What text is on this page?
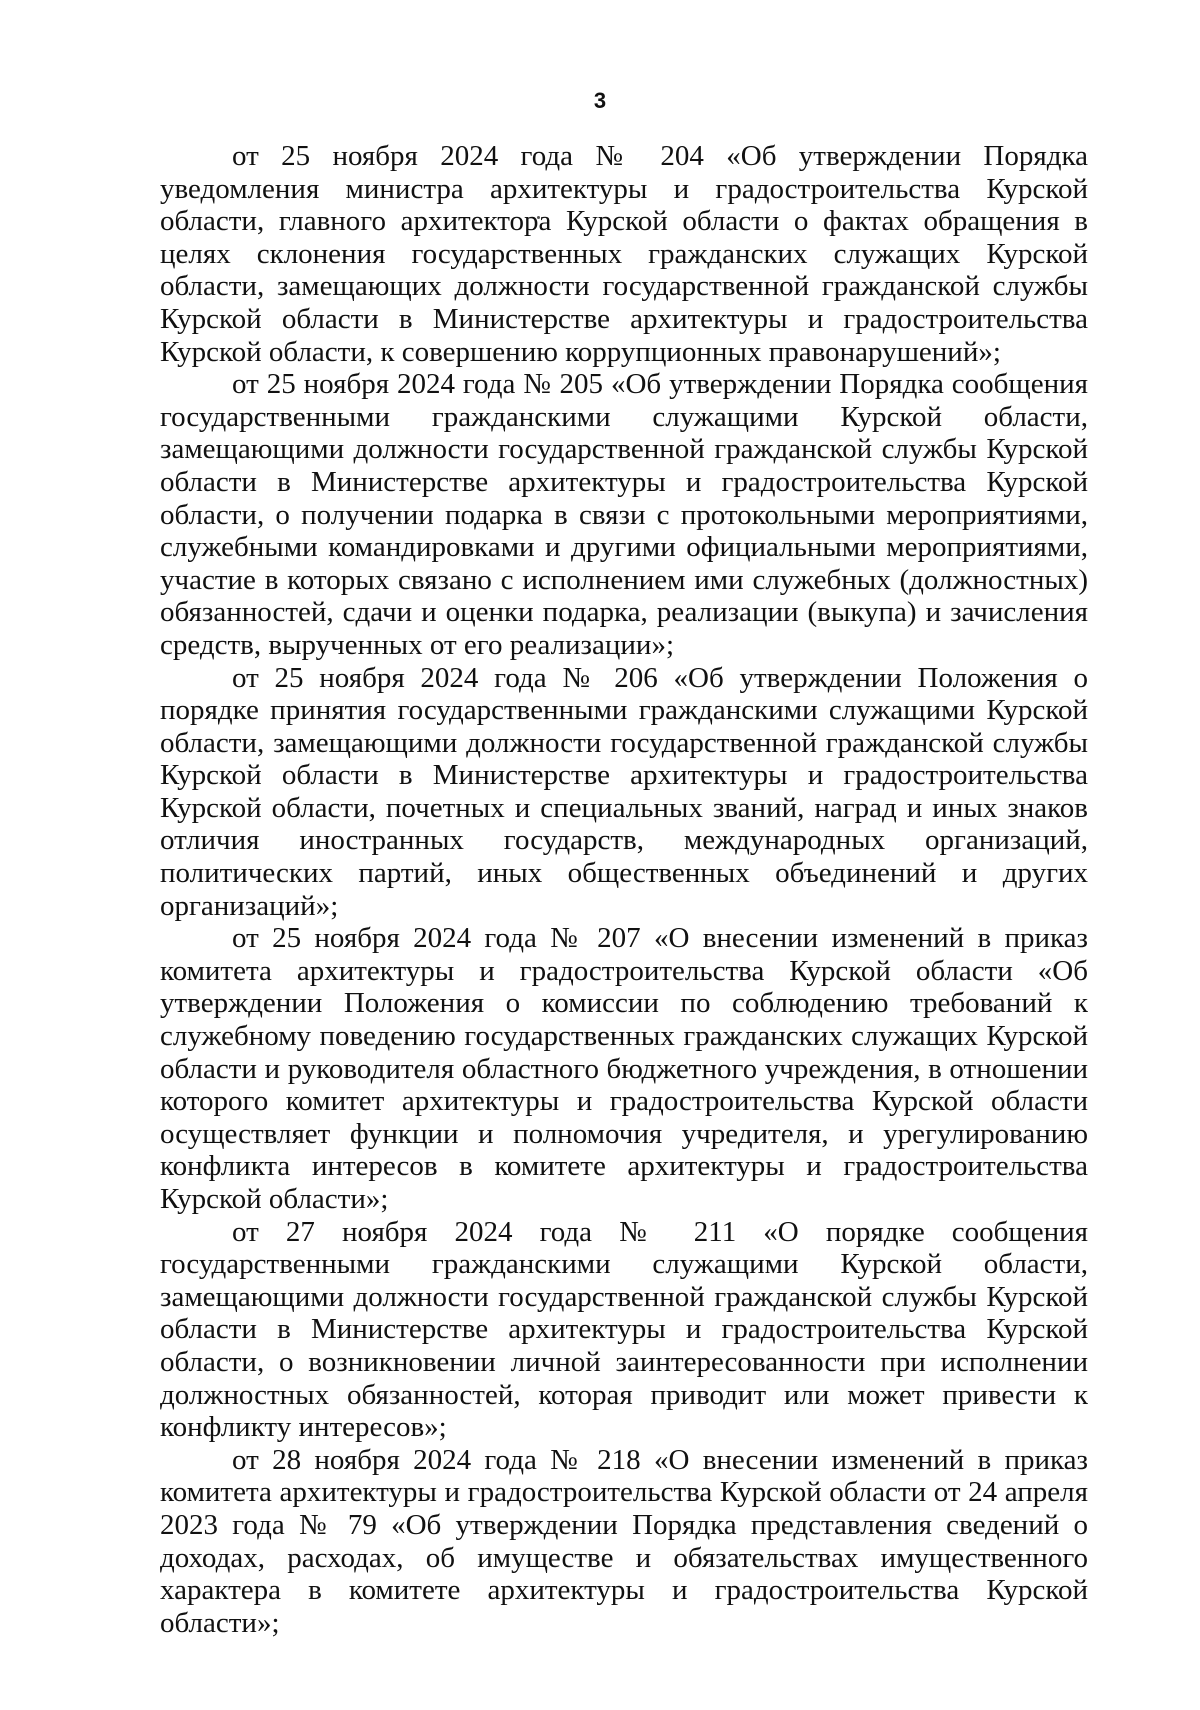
3

от 25 ноября 2024 года № 204 «Об утверждении Порядка уведомления министра архитектуры и градостроительства Курской области, главного архитектора Курской области о фактах обращения в целях склонения государственных гражданских служащих Курской области, замещающих должности государственной гражданской службы Курской области в Министерстве архитектуры и градостроительства Курской области, к совершению коррупционных правонарушений»;

от 25 ноября 2024 года № 205 «Об утверждении Порядка сообщения государственными гражданскими служащими Курской области, замещающими должности государственной гражданской службы Курской области в Министерстве архитектуры и градостроительства Курской области, о получении подарка в связи с протокольными мероприятиями, служебными командировками и другими официальными мероприятиями, участие в которых связано с исполнением ими служебных (должностных) обязанностей, сдачи и оценки подарка, реализации (выкупа) и зачисления средств, вырученных от его реализации»;

от 25 ноября 2024 года № 206 «Об утверждении Положения о порядке принятия государственными гражданскими служащими Курской области, замещающими должности государственной гражданской службы Курской области в Министерстве архитектуры и градостроительства Курской области, почетных и специальных званий, наград и иных знаков отличия иностранных государств, международных организаций, политических партий, иных общественных объединений и других организаций»;

от 25 ноября 2024 года № 207 «О внесении изменений в приказ комитета архитектуры и градостроительства Курской области «Об утверждении Положения о комиссии по соблюдению требований к служебному поведению государственных гражданских служащих Курской области и руководителя областного бюджетного учреждения, в отношении которого комитет архитектуры и градостроительства Курской области осуществляет функции и полномочия учредителя, и урегулированию конфликта интересов в комитете архитектуры и градостроительства Курской области»;

от 27 ноября 2024 года № 211 «О порядке сообщения государственными гражданскими служащими Курской области, замещающими должности государственной гражданской службы Курской области в Министерстве архитектуры и градостроительства Курской области, о возникновении личной заинтересованности при исполнении должностных обязанностей, которая приводит или может привести к конфликту интересов»;

от 28 ноября 2024 года № 218 «О внесении изменений в приказ комитета архитектуры и градостроительства Курской области от 24 апреля 2023 года № 79 «Об утверждении Порядка представления сведений о доходах, расходах, об имуществе и обязательствах имущественного характера в комитете архитектуры и градостроительства Курской области»;
